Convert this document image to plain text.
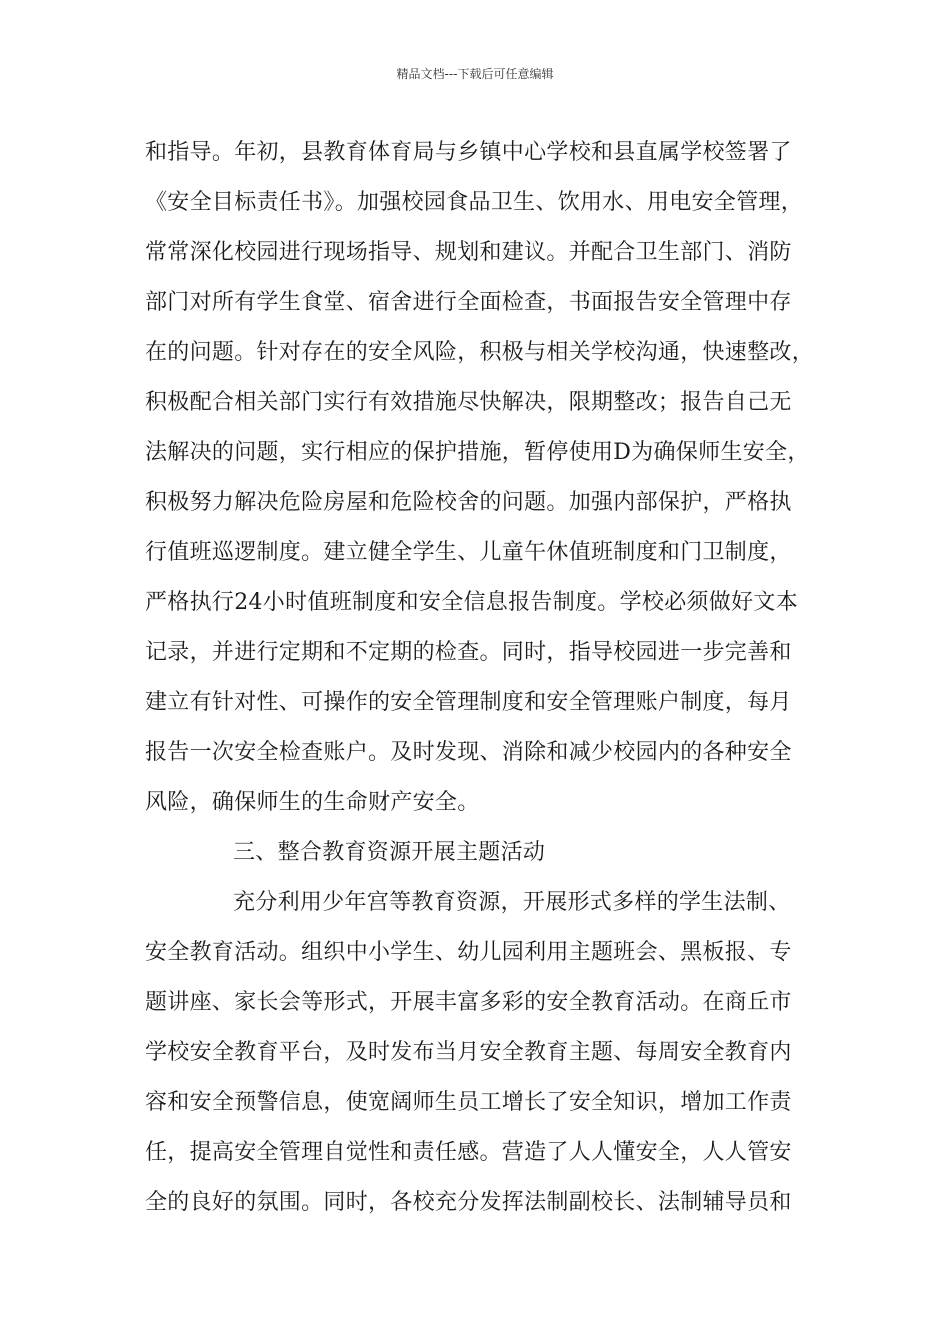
精品文档---下载后可任意编辑
和指导。年初，县教育体育局与乡镇中心学校和县直属学校签署了
《安全目标责任书》。加强校园食品卫生、饮用水、用电安全管理，
常常深化校园进行现场指导、规划和建议。并配合卫生部门、消防
部门对所有学生食堂、宿舍进行全面检查，书面报告安全管理中存
在的问题。针对存在的安全风险，积极与相关学校沟通，快速整改，
积极配合相关部门实行有效措施尽快解决，限期整改；报告自己无
法解决的问题，实行相应的保护措施，暂停使用D为确保师生安全，
积极努力解决危险房屋和危险校舍的问题。加强内部保护，严格执
行值班巡逻制度。建立健全学生、儿童午休值班制度和门卫制度，
严格执行24小时值班制度和安全信息报告制度。学校必须做好文本
记录，并进行定期和不定期的检查。同时，指导校园进一步完善和
建立有针对性、可操作的安全管理制度和安全管理账户制度，每月
报告一次安全检查账户。及时发现、消除和减少校园内的各种安全
风险，确保师生的生命财产安全。
三、整合教育资源开展主题活动
充分利用少年宫等教育资源，开展形式多样的学生法制、
安全教育活动。组织中小学生、幼儿园利用主题班会、黑板报、专
题讲座、家长会等形式，开展丰富多彩的安全教育活动。在商丘市
学校安全教育平台，及时发布当月安全教育主题、每周安全教育内
容和安全预警信息，使宽阔师生员工增长了安全知识，增加工作责
任，提高安全管理自觉性和责任感。营造了人人懂安全，人人管安
全的良好的氛围。同时，各校充分发挥法制副校长、法制辅导员和
